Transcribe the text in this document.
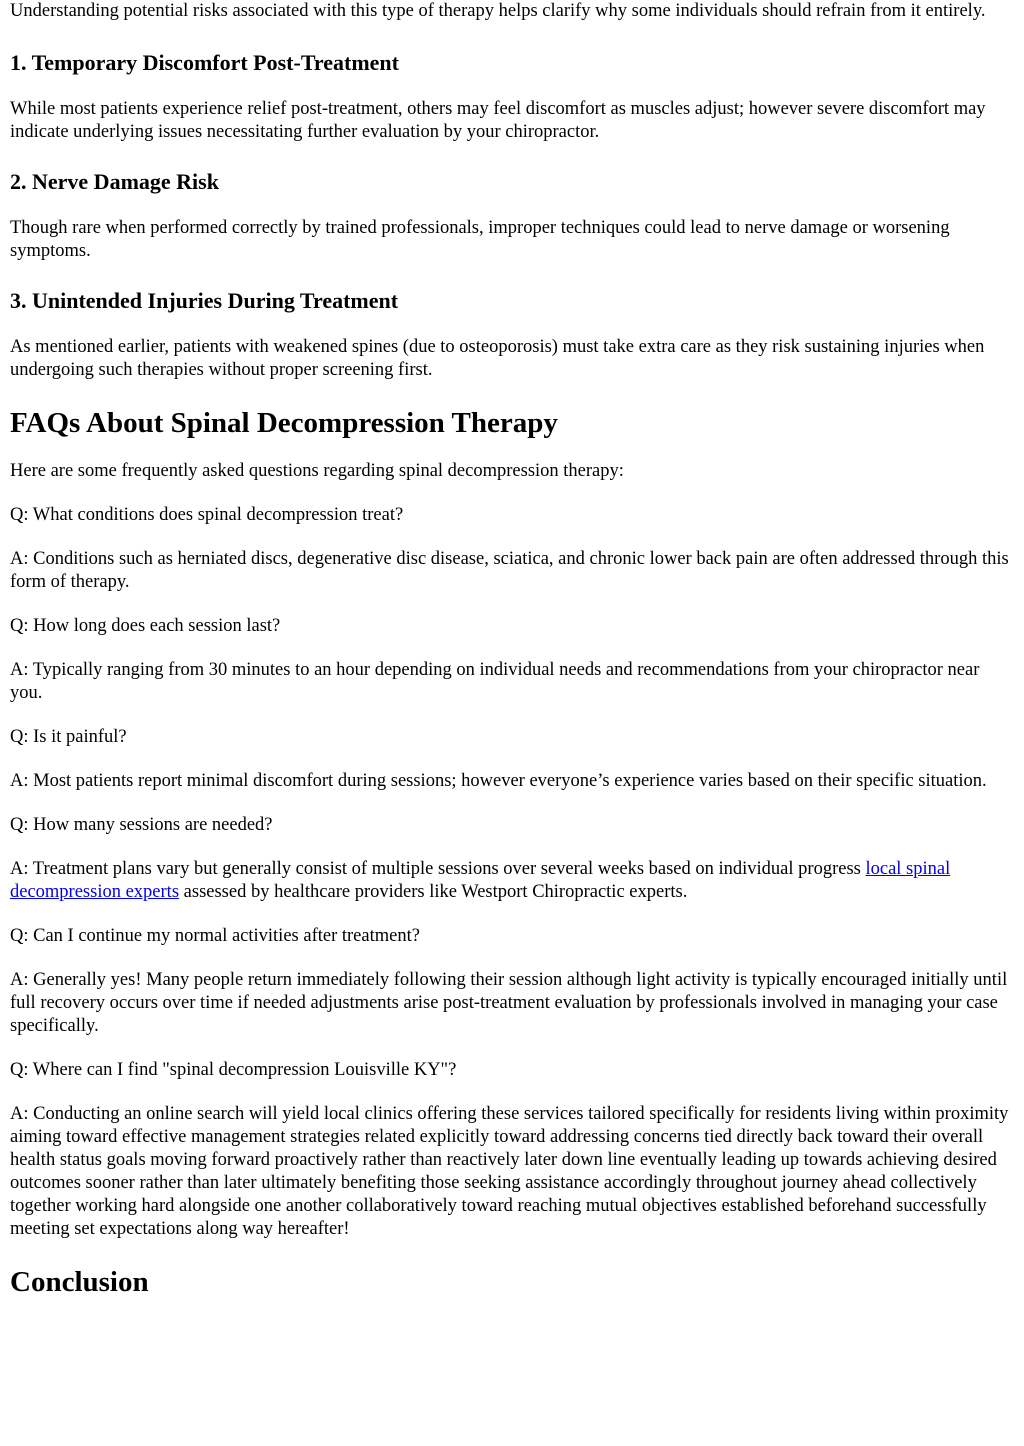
Understanding potential risks associated with this type of therapy helps clarify why some individuals should refrain from it entirely.

1. Temporary Discomfort Post-Treatment

While most patients experience relief post-treatment, others may feel discomfort as muscles adjust; however severe discomfort may indicate underlying issues necessitating further evaluation by your chiropractor.

2. Nerve Damage Risk

Though rare when performed correctly by trained professionals, improper techniques could lead to nerve damage or worsening symptoms.

3. Unintended Injuries During Treatment

As mentioned earlier, patients with weakened spines (due to osteoporosis) must take extra care as they risk sustaining injuries when undergoing such therapies without proper screening first.

FAQs About Spinal Decompression Therapy

Here are some frequently asked questions regarding spinal decompression therapy:

Q: What conditions does spinal decompression treat?

A: Conditions such as herniated discs, degenerative disc disease, sciatica, and chronic lower back pain are often addressed through this form of therapy.

Q: How long does each session last?

A: Typically ranging from 30 minutes to an hour depending on individual needs and recommendations from your chiropractor near you.

Q: Is it painful?

A: Most patients report minimal discomfort during sessions; however everyone’s experience varies based on their specific situation.

Q: How many sessions are needed?

A: Treatment plans vary but generally consist of multiple sessions over several weeks based on individual progress local spinal decompression experts assessed by healthcare providers like Westport Chiropractic experts.

Q: Can I continue my normal activities after treatment?

A: Generally yes! Many people return immediately following their session although light activity is typically encouraged initially until full recovery occurs over time if needed adjustments arise post-treatment evaluation by professionals involved in managing your case specifically.

Q: Where can I find "spinal decompression Louisville KY"?

A: Conducting an online search will yield local clinics offering these services tailored specifically for residents living within proximity aiming toward effective management strategies related explicitly toward addressing concerns tied directly back toward their overall health status goals moving forward proactively rather than reactively later down line eventually leading up towards achieving desired outcomes sooner rather than later ultimately benefiting those seeking assistance accordingly throughout journey ahead collectively together working hard alongside one another collaboratively toward reaching mutual objectives established beforehand successfully meeting set expectations along way hereafter!

Conclusion
